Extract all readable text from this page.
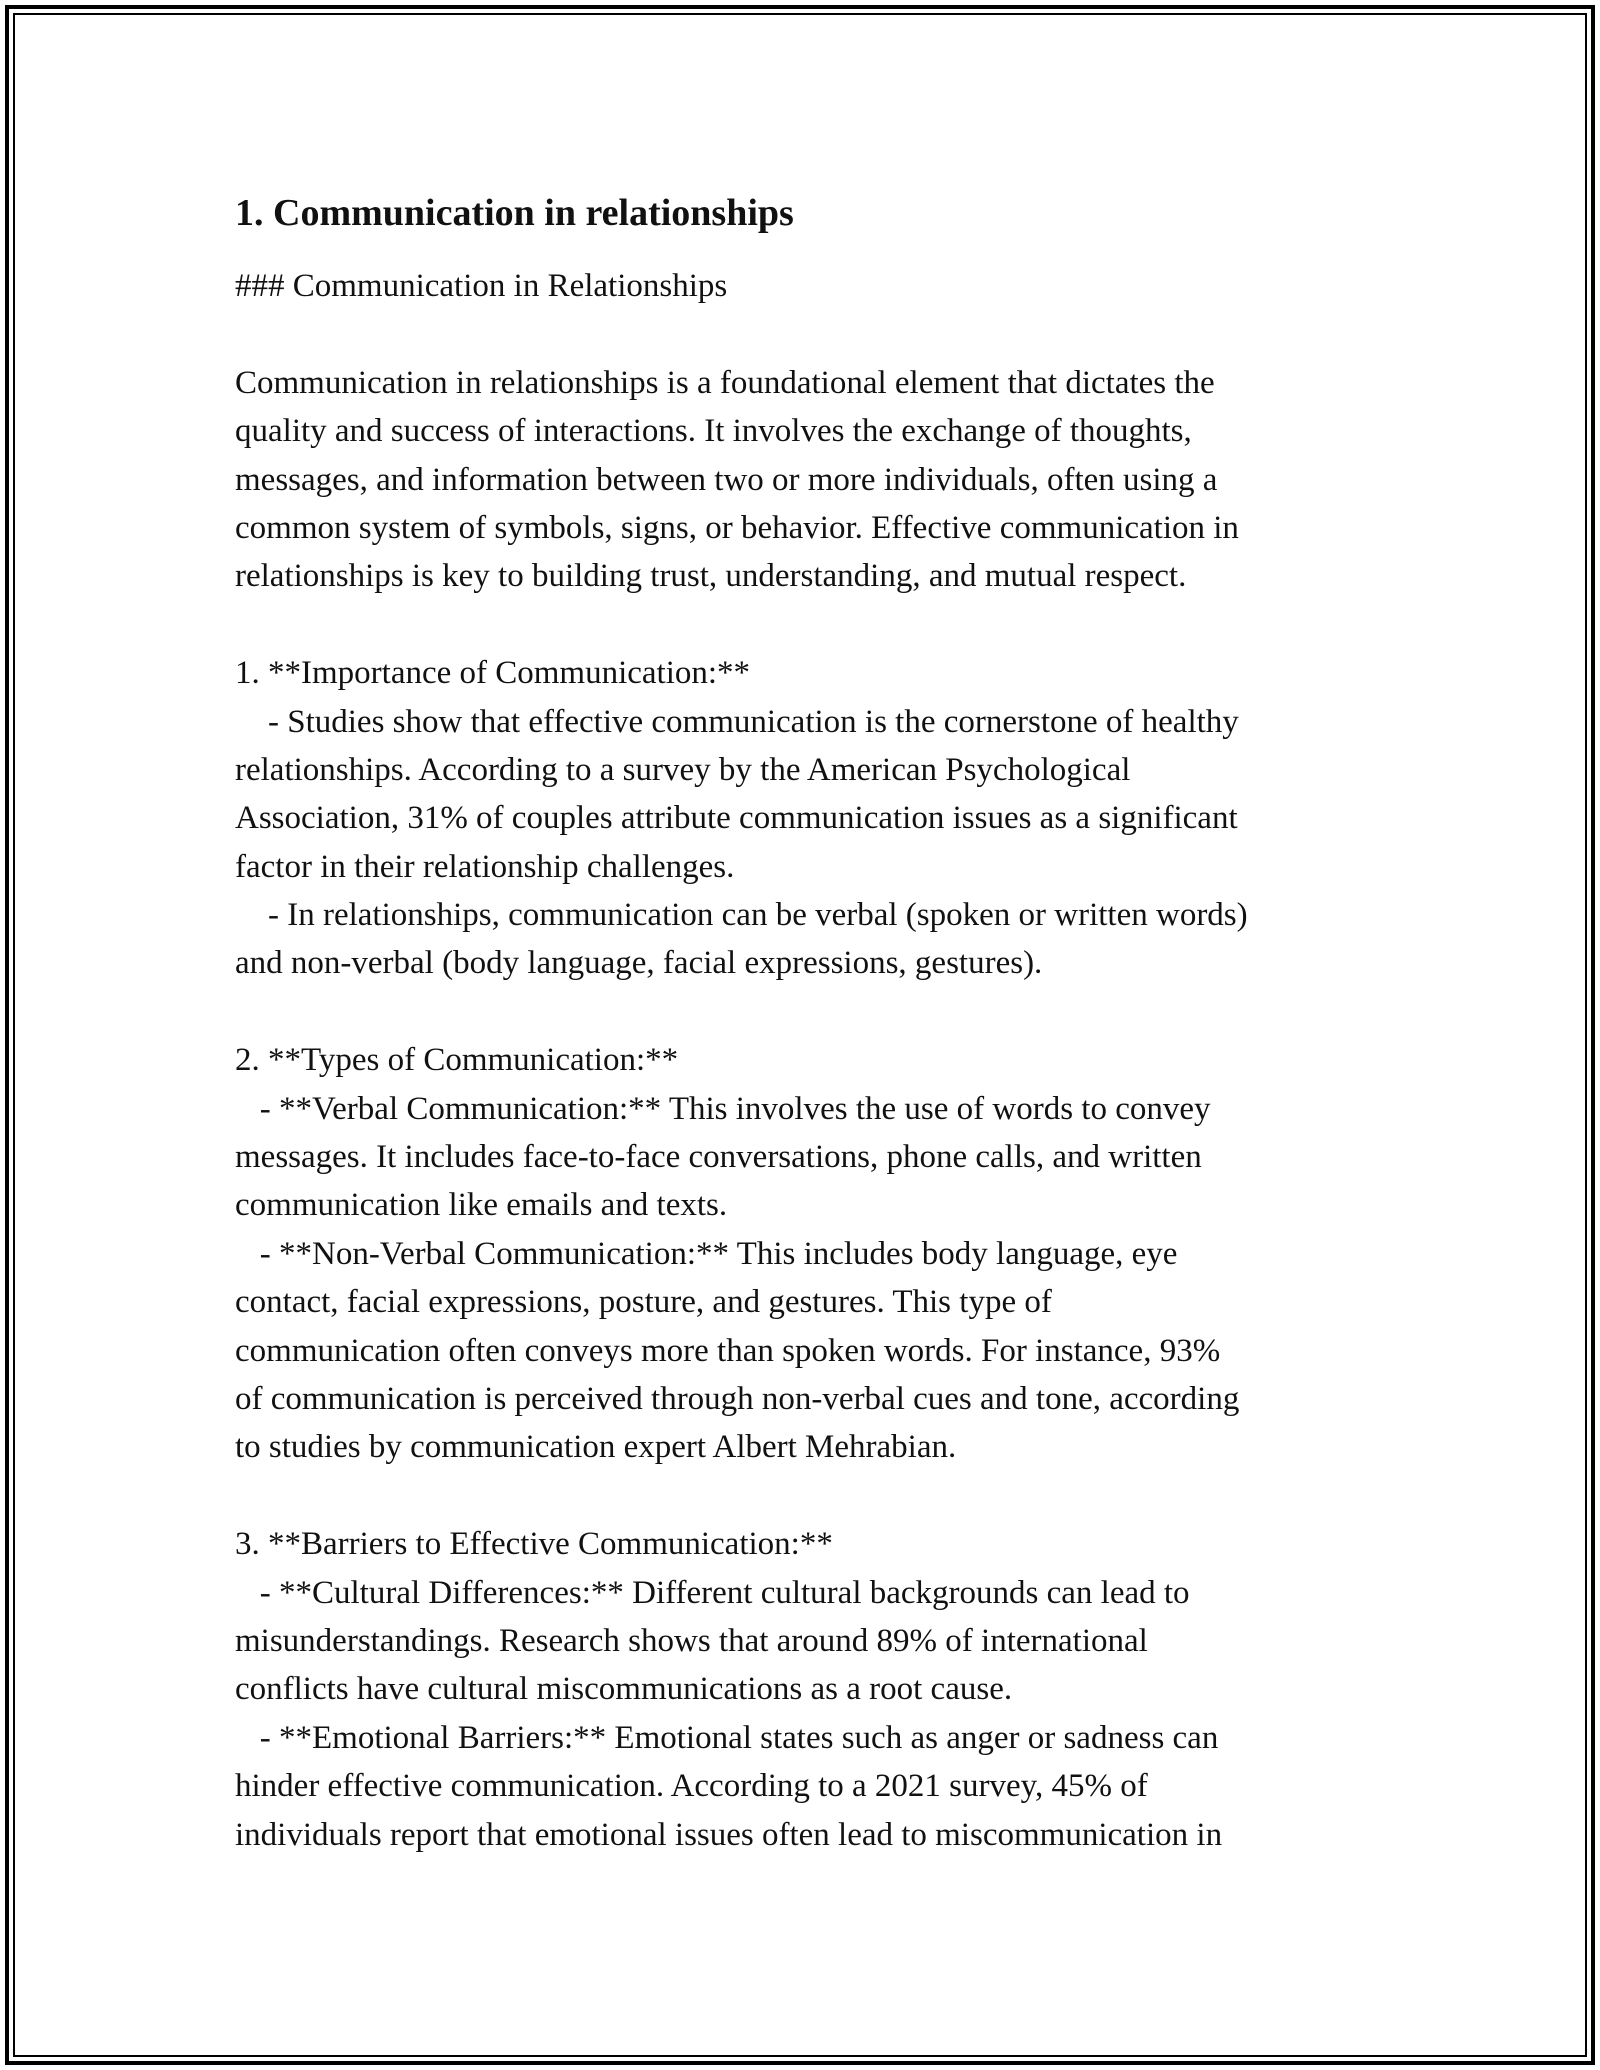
1. Communication in relationships
### Communication in Relationships
Communication in relationships is a foundational element that dictates the
quality and success of interactions. It involves the exchange of thoughts,
messages, and information between two or more individuals, often using a
common system of symbols, signs, or behavior. Effective communication in
relationships is key to building trust, understanding, and mutual respect.
1. **Importance of Communication:**
- Studies show that effective communication is the cornerstone of healthy
relationships. According to a survey by the American Psychological
Association, 31% of couples attribute communication issues as a significant
factor in their relationship challenges.
- In relationships, communication can be verbal (spoken or written words)
and non-verbal (body language, facial expressions, gestures).
2. **Types of Communication:**
- **Verbal Communication:** This involves the use of words to convey
messages. It includes face-to-face conversations, phone calls, and written
communication like emails and texts.
- **Non-Verbal Communication:** This includes body language, eye
contact, facial expressions, posture, and gestures. This type of
communication often conveys more than spoken words. For instance, 93%
of communication is perceived through non-verbal cues and tone, according
to studies by communication expert Albert Mehrabian.
3. **Barriers to Effective Communication:**
- **Cultural Differences:** Different cultural backgrounds can lead to
misunderstandings. Research shows that around 89% of international
conflicts have cultural miscommunications as a root cause.
- **Emotional Barriers:** Emotional states such as anger or sadness can
hinder effective communication. According to a 2021 survey, 45% of
individuals report that emotional issues often lead to miscommunication in
